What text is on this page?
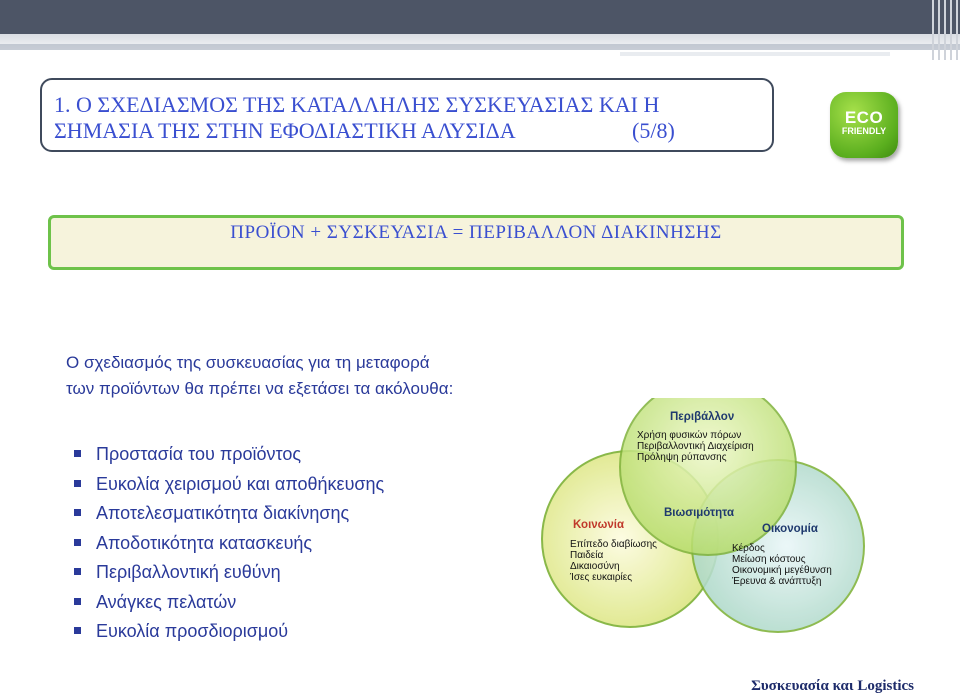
1. Ο ΣΧΕΔΙΑΣΜΟΣ ΤΗΣ ΚΑΤΑΛΛΗΛΗΣ ΣΥΣΚΕΥΑΣΙΑΣ ΚΑΙ Η
ΣΗΜΑΣΙΑ ΤΗΣ ΣΤΗΝ ΕΦΟΔΙΑΣΤΙΚΗ ΑΛΥΣΙΔΑ	(5/8)
ECO
FRIENDLY
ΠΡΟΪΟΝ + ΣΥΣΚΕΥΑΣΙΑ = ΠΕΡΙΒΑΛΛΟΝ ΔΙΑΚΙΝΗΣΗΣ
Ο σχεδιασμός της συσκευασίας για τη μεταφορά
των προϊόντων θα πρέπει να εξετάσει τα ακόλουθα:
Προστασία του προϊόντος
Ευκολία χειρισμού και αποθήκευσης
Αποτελεσματικότητα διακίνησης
Αποδοτικότητα κατασκευής
Περιβαλλοντική ευθύνη
Ανάγκες πελατών
Ευκολία προσδιορισμού
Περιβάλλον
Χρήση φυσικών πόρων
Περιβαλλοντική Διαχείριση
Πρόληψη ρύπανσης
Κοινωνία
Επίπεδο διαβίωσης
Παιδεία
Δικαιοσύνη
Ίσες ευκαιρίες
Βιωσιμότητα
Οικονομία
Κέρδος
Μείωση κόστους
Οικονομική μεγέθυνση
Έρευνα & ανάπτυξη
Συσκευασία και Logistics
